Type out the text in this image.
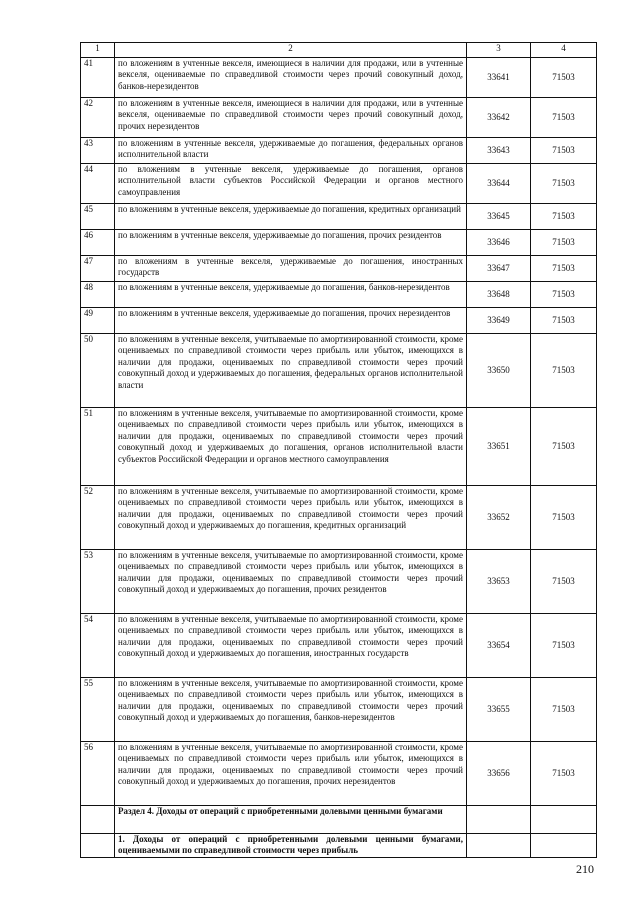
1	2	3	4
41	по вложениям в учтенные векселя, имеющиеся в наличии для продажи, или в учтенные векселя, оцениваемые по справедливой стоимости через прочий совокупный доход, банков-нерезидентов	33641	71503
42	по вложениям в учтенные векселя, имеющиеся в наличии для продажи, или в учтенные векселя, оцениваемые по справедливой стоимости через прочий совокупный доход, прочих нерезидентов	33642	71503
43	по вложениям в учтенные векселя, удерживаемые до погашения, федеральных органов исполнительной власти	33643	71503
44	по вложениям в учтенные векселя, удерживаемые до погашения, органов исполнительной власти субъектов Российской Федерации и органов местного самоуправления	33644	71503
45	по вложениям в учтенные векселя, удерживаемые до погашения, кредитных организаций	33645	71503
46	по вложениям в учтенные векселя, удерживаемые до погашения, прочих резидентов	33646	71503
47	по вложениям в учтенные векселя, удерживаемые до погашения, иностранных государств	33647	71503
48	по вложениям в учтенные векселя, удерживаемые до погашения, банков-нерезидентов	33648	71503
49	по вложениям в учтенные векселя, удерживаемые до погашения, прочих нерезидентов	33649	71503
50	по вложениям в учтенные векселя, учитываемые по амортизированной стоимости, кроме оцениваемых по справедливой стоимости через прибыль или убыток, имеющихся в наличии для продажи, оцениваемых по справедливой стоимости через прочий совокупный доход и удерживаемых до погашения, федеральных органов исполнительной власти	33650	71503
51	по вложениям в учтенные векселя, учитываемые по амортизированной стоимости, кроме оцениваемых по справедливой стоимости через прибыль или убыток, имеющихся в наличии для продажи, оцениваемых по справедливой стоимости через прочий совокупный доход и удерживаемых до погашения, органов исполнительной власти субъектов Российской Федерации и органов местного самоуправления	33651	71503
52	по вложениям в учтенные векселя, учитываемые по амортизированной стоимости, кроме оцениваемых по справедливой стоимости через прибыль или убыток, имеющихся в наличии для продажи, оцениваемых по справедливой стоимости через прочий совокупный доход и удерживаемых до погашения, кредитных организаций	33652	71503
53	по вложениям в учтенные векселя, учитываемые по амортизированной стоимости, кроме оцениваемых по справедливой стоимости через прибыль или убыток, имеющихся в наличии для продажи, оцениваемых по справедливой стоимости через прочий совокупный доход и удерживаемых до погашения, прочих резидентов	33653	71503
54	по вложениям в учтенные векселя, учитываемые по амортизированной стоимости, кроме оцениваемых по справедливой стоимости через прибыль или убыток, имеющихся в наличии для продажи, оцениваемых по справедливой стоимости через прочий совокупный доход и удерживаемых до погашения, иностранных государств	33654	71503
55	по вложениям в учтенные векселя, учитываемые по амортизированной стоимости, кроме оцениваемых по справедливой стоимости через прибыль или убыток, имеющихся в наличии для продажи, оцениваемых по справедливой стоимости через прочий совокупный доход и удерживаемых до погашения, банков-нерезидентов	33655	71503
56	по вложениям в учтенные векселя, учитываемые по амортизированной стоимости, кроме оцениваемых по справедливой стоимости через прибыль или убыток, имеющихся в наличии для продажи, оцениваемых по справедливой стоимости через прочий совокупный доход и удерживаемых до погашения, прочих нерезидентов	33656	71503
	Раздел 4. Доходы от операций с приобретенными долевыми ценными бумагами		
	1. Доходы от операций с приобретенными долевыми ценными бумагами, оцениваемыми по справедливой стоимости через прибыль		
210
